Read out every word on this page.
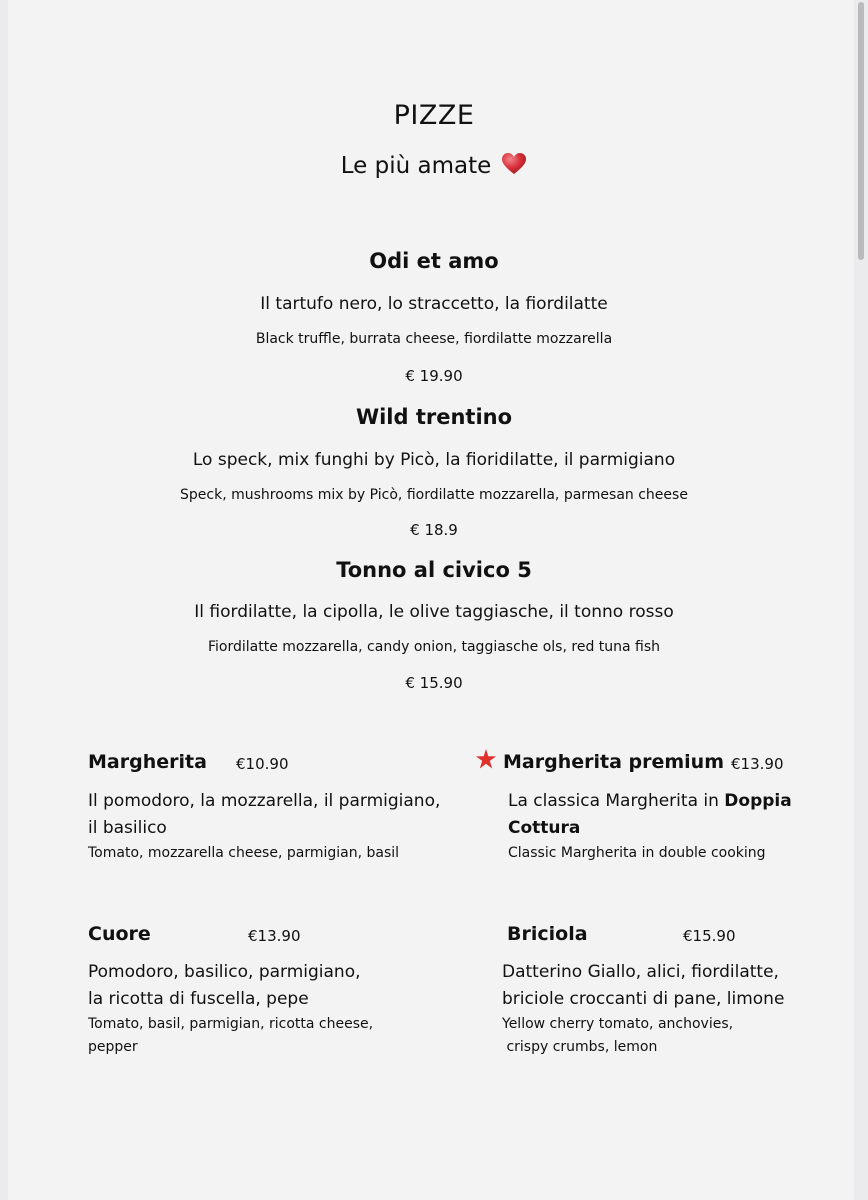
PIZZE
Le più amate
Odi et amo
Il tartufo nero, lo straccetto, la fiordilatte
Black truffle, burrata cheese, fiordilatte mozzarella
€ 19.90
Wild trentino
Lo speck, mix funghi by Picò, la fioridilatte, il parmigiano
Speck, mushrooms mix by Picò, fiordilatte mozzarella, parmesan cheese
€ 18.9
Tonno al civico 5
Il fiordilatte, la cipolla, le olive taggiasche, il tonno rosso
Fiordilatte mozzarella, candy onion, taggiasche ols, red tuna fish
€ 15.90
Margherita €10.90
Il pomodoro, la mozzarella, il parmigiano,
il basilico
Tomato, mozzarella cheese, parmigian, basil
Margherita premium €13.90
La classica Margherita in Doppia
Cottura
Classic Margherita in double cooking
Cuore	€13.90
Pomodoro, basilico, parmigiano,
la ricotta di fuscella, pepe
Tomato, basil, parmigian, ricotta cheese,
pepper
Briciola	€15.90
Datterino Giallo, alici, fiordilatte,
briciole croccanti di pane, limone
Yellow cherry tomato, anchovies,
crispy crumbs, lemon
